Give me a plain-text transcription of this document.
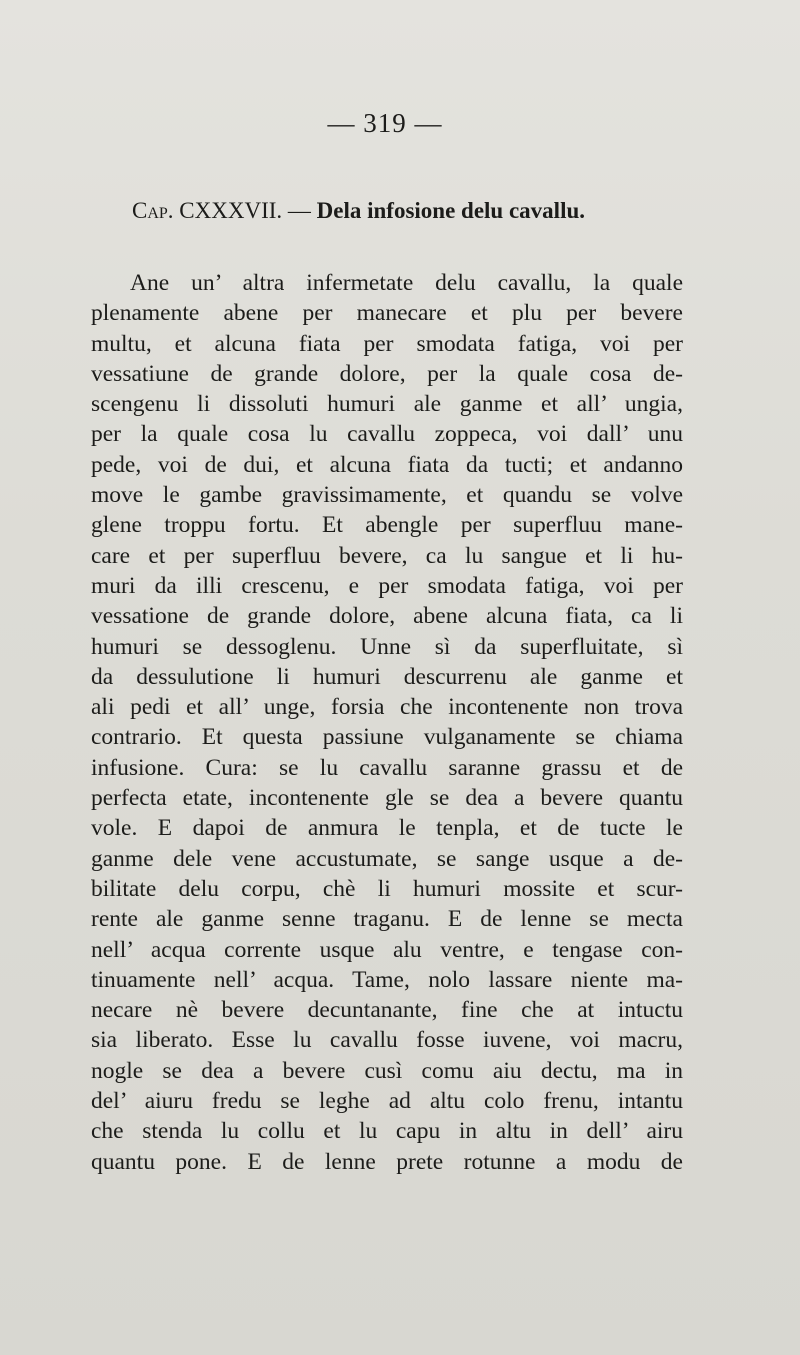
— 319 —
Cap. CXXXVII. — Dela infosione delu cavallu.
Ane un’ altra infermetate delu cavallu, la quale
plenamente abene per manecare et plu per bevere
multu, et alcuna fiata per smodata fatiga, voi per
vessatiune de grande dolore, per la quale cosa de-
scengenu li dissoluti humuri ale ganme et all’ ungia,
per la quale cosa lu cavallu zoppeca, voi dall’ unu
pede, voi de dui, et alcuna fiata da tucti; et andanno
move le gambe gravissimamente, et quandu se volve
glene troppu fortu. Et abengle per superfluu mane-
care et per superfluu bevere, ca lu sangue et li hu-
muri da illi crescenu, e per smodata fatiga, voi per
vessatione de grande dolore, abene alcuna fiata, ca li
humuri se dessoglenu. Unne sì da superfluitate, sì
da dessulutione li humuri descurrenu ale ganme et
ali pedi et all’ unge, forsia che incontenente non trova
contrario. Et questa passiune vulganamente se chiama
infusione. Cura: se lu cavallu saranne grassu et de
perfecta etate, incontenente gle se dea a bevere quantu
vole. E dapoi de anmura le tenpla, et de tucte le
ganme dele vene accustumate, se sange usque a de-
bilitate delu corpu, chè li humuri mossite et scur-
rente ale ganme senne traganu. E de lenne se mecta
nell’ acqua corrente usque alu ventre, e tengase con-
tinuamente nell’ acqua. Tame, nolo lassare niente ma-
necare nè bevere decuntanante, fine che at intuctu
sia liberato. Esse lu cavallu fosse iuvene, voi macru,
nogle se dea a bevere cusì comu aiu dectu, ma in
del’ aiuru fredu se leghe ad altu colo frenu, intantu
che stenda lu collu et lu capu in altu in dell’ airu
quantu pone. E de lenne prete rotunne a modu de
